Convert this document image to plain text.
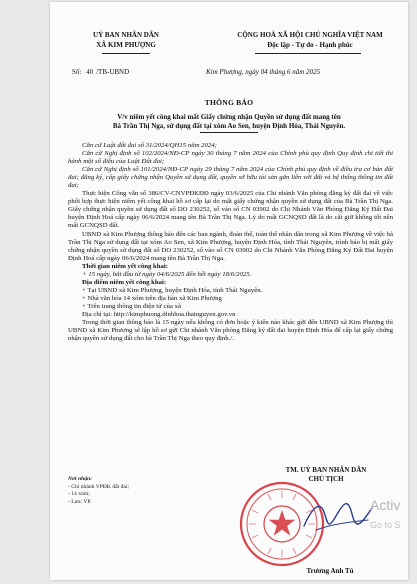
UỶ BAN NHÂN DÂN
XÃ KIM PHƯỢNG
CỘNG HOÀ XÃ HỘI CHỦ NGHĨA VIỆT NAM
Độc lập - Tự do - Hạnh phúc
Số: 40 /TB-UBND	Kim Phượng, ngày 04 tháng 6 năm 2025
THÔNG BÁO
V/v niêm yết công khai mất Giấy chứng nhận Quyền sử dụng đất mang tên
Bà Trần Thị Nga, sử dụng đất tại xóm Ao Sen, huyện Định Hóa, Thái Nguyên.

Căn cứ Luật đất đai số 31/2024/QH15 năm 2024;

Căn cứ Nghị định số 102/2024/NĐ-CP ngày 30 tháng 7 năm 2024 của Chính phủ quy định Quy định chi tiết thi hành một số điều của Luật Đất đai;

Căn cứ Nghị định số 101/2024/NĐ-CP ngày 29 tháng 7 năm 2024 của Chính phủ quy định về điều tra cơ bản đất đai; đăng ký, cấp giấy chứng nhận Quyền sử dụng đất, quyền sở hữu tài sản gắn liền với đất và hệ thống thông tin đất đai;

Thực hiện Công văn số 386/CV-CNVPĐKĐĐ ngày 03/6/2025 của Chi nhánh Văn phòng đăng ký đất đai về việc phối hợp thực hiện niêm yết công khai hồ sơ cấp lại do mất giấy chứng nhận quyền sử dụng đất của Bà Trần Thị Nga. Giấy chứng nhận quyền sử dụng đất số DO 230252, số vào sổ CN 03902 do Chi Nhánh Văn Phòng Đăng Ký Đất Đai huyện Định Hoá cấp ngày 06/6/2024 mang tên Bà Trần Thị Nga. Lý do mất GCNQSD đất là do cất giữ không tốt nên mất GCNQSD đất.

UBND xã Kim Phượng thông báo đến các ban ngành, đoàn thể, toàn thể nhân dân trong xã Kim Phượng về việc bà Trần Thị Nga sử dụng đất tại xóm Ao Sen, xã Kim Phượng, huyện Định Hóa, tỉnh Thái Nguyên, trình báo bị mất giấy chứng nhận quyền sử dụng đất số DO 230252, số vào sổ CN 03902 do Chi Nhánh Văn Phòng Đăng Ký Đất Đai huyện Định Hoá cấp ngày 06/6/2024 mang tên Bà Trần Thị Nga.

Thời gian niêm yết công khai:

+ 15 ngày, bắt đầu từ ngày 04/6/2025 đến hết ngày 18/6/2025.

Địa điểm niêm yết công khai:

+ Tại UBND xã Kim Phượng, huyện Định Hóa, tỉnh Thái Nguyên.

+ Nhà văn hóa 14 xóm trên địa bàn xã Kim Phượng

+ Trên trang thông tin điện tử của xã

Địa chỉ tại: http://kimphuong.dinhhoa.thainguyen.gov.vn

Trong thời gian thông báo là 15 ngày nếu không có đơn hoặc ý kiến nào khác gửi đến UBND xã Kim Phượng thì UBND xã Kim Phượng sẽ lập hồ sơ gửi Chi nhánh Văn phòng Đăng ký đất đai huyện Định Hóa để cấp lại giấy chứng nhận quyền sử dụng đất cho bà Trần Thị Nga theo quy định./.

TM. UỶ BAN NHÂN DÂN
CHỦ TỊCH
Nơi nhận:
- Chi nhánh VPĐK đất đai;
- 14 xóm;
- Lưu: VP.
Trương Anh Tú
Activ
Go to S
